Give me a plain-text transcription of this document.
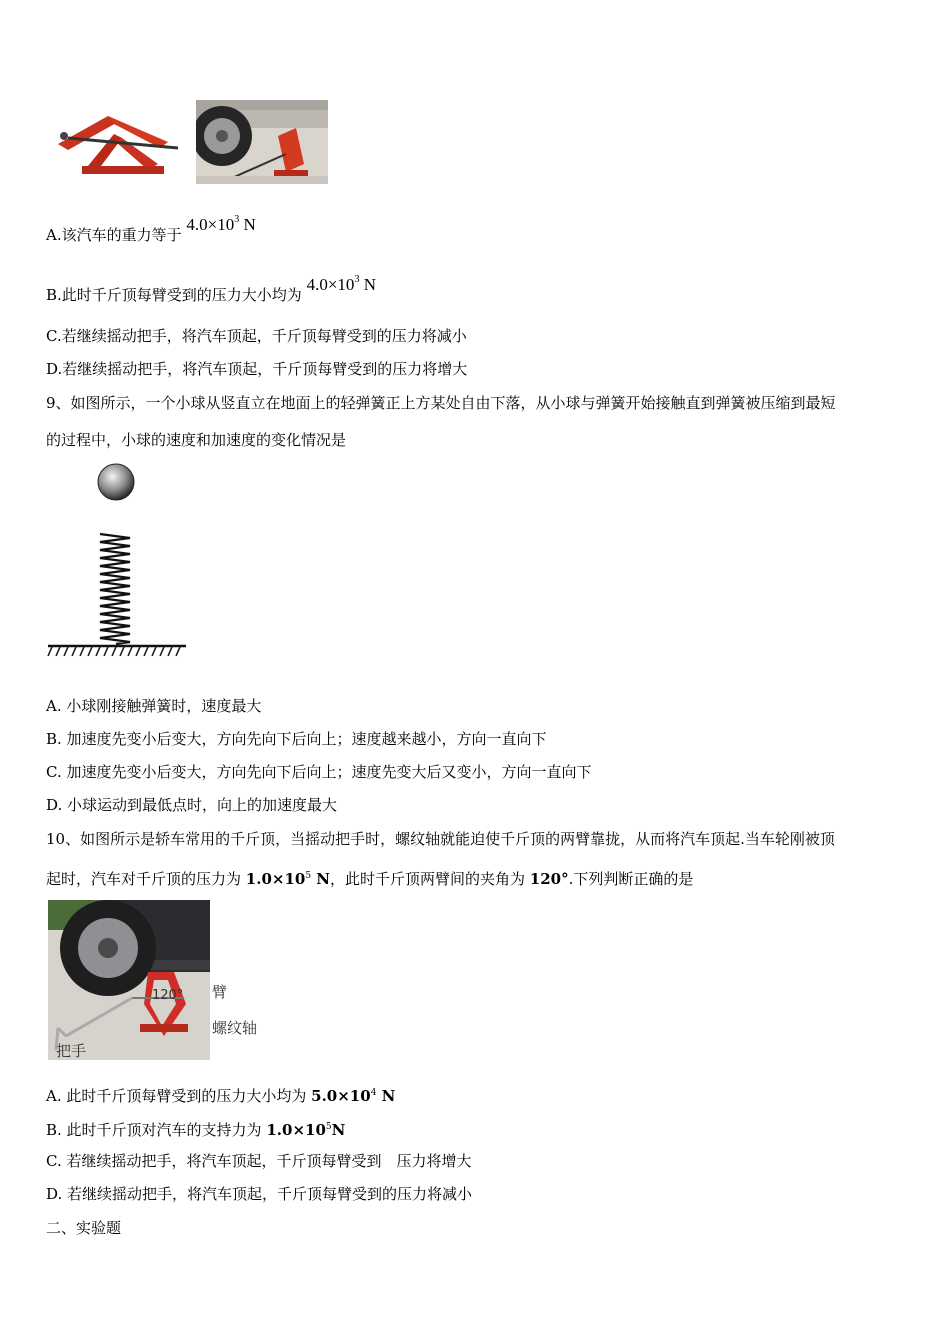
A.该汽车的重力等于 $4.0\times 10^3$ N
B.此时千斤顶每臂受到的压力大小均为 $4.0\times 10^3$ N
C.若继续摇动把手，将汽车顶起，千斤顶每臂受到的压力将减小
D.若继续摇动把手，将汽车顶起，千斤顶每臂受到的压力将增大
9、如图所示，一个小球从竖直立在地面上的轻弹簧正上方某处自由下落，从小球与弹簧开始接触直到弹簧被压缩到最短
的过程中，小球的速度和加速度的变化情况是
A. 小球刚接触弹簧时，速度最大
B. 加速度先变小后变大，方向先向下后向上；速度越来越小，方向一直向下
C. 加速度先变小后变大，方向先向下后向上；速度先变大后又变小，方向一直向下
D. 小球运动到最低点时，向上的加速度最大
10、如图所示是轿车常用的千斤顶，当摇动把手时，螺纹轴就能迫使千斤顶的两臂靠拢，从而将汽车顶起.当车轮刚被顶
起时，汽车对千斤顶的压力为 $1.0\times 10^5$ N，此时千斤顶两臂间的夹角为 120°.下列判断正确的是
120° 臂
螺纹轴
把手
A. 此时千斤顶每臂受到的压力大小均为 $5.0\times 10^4$ N
B. 此时千斤顶对汽车的支持力为 $1.0\times 10^5N$
C. 若继续摇动把手，将汽车顶起，千斤顶每臂受到　压力将增大
D. 若继续摇动把手，将汽车顶起，千斤顶每臂受到的压力将减小
二、实验题
